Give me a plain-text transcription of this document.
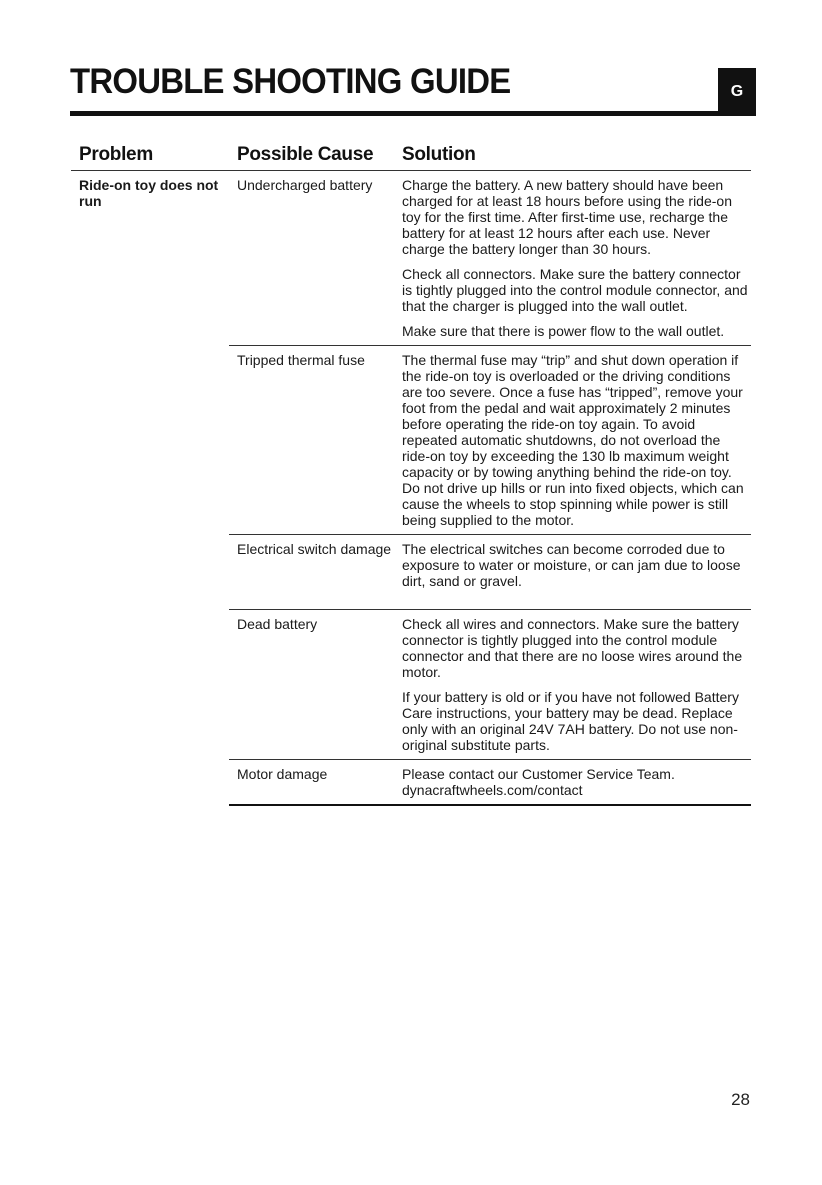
TROUBLE SHOOTING GUIDE	G
Problem	Possible Cause	Solution
Ride-on toy does not run	Undercharged battery	Charge the battery. A new battery should have been charged for at least 18 hours before using the ride-on toy for the first time. After first-time use, recharge the battery for at least 12 hours after each use. Never charge the battery longer than 30 hours.
		Check all connectors. Make sure the battery connector is tightly plugged into the control module connector, and that the charger is plugged into the wall outlet.
		Make sure that there is power flow to the wall outlet.
	Tripped thermal fuse	The thermal fuse may “trip” and shut down operation if the ride-on toy is overloaded or the driving conditions are too severe. Once a fuse has “tripped”, remove your foot from the pedal and wait approximately 2 minutes before operating the ride-on toy again. To avoid repeated automatic shutdowns, do not overload the ride-on toy by exceeding the 130 lb maximum weight capacity or by towing anything behind the ride-on toy. Do not drive up hills or run into fixed objects, which can cause the wheels to stop spinning while power is still being supplied to the motor.
	Electrical switch damage	The electrical switches can become corroded due to exposure to water or moisture, or can jam due to loose dirt, sand or gravel.
	Dead battery	Check all wires and connectors. Make sure the battery connector is tightly plugged into the control module connector and that there are no loose wires around the motor.
		If your battery is old or if you have not followed Battery Care instructions, your battery may be dead. Replace only with an original 24V 7AH battery. Do not use non-original substitute parts.
	Motor damage	Please contact our Customer Service Team. dynacraftwheels.com/contact
28
